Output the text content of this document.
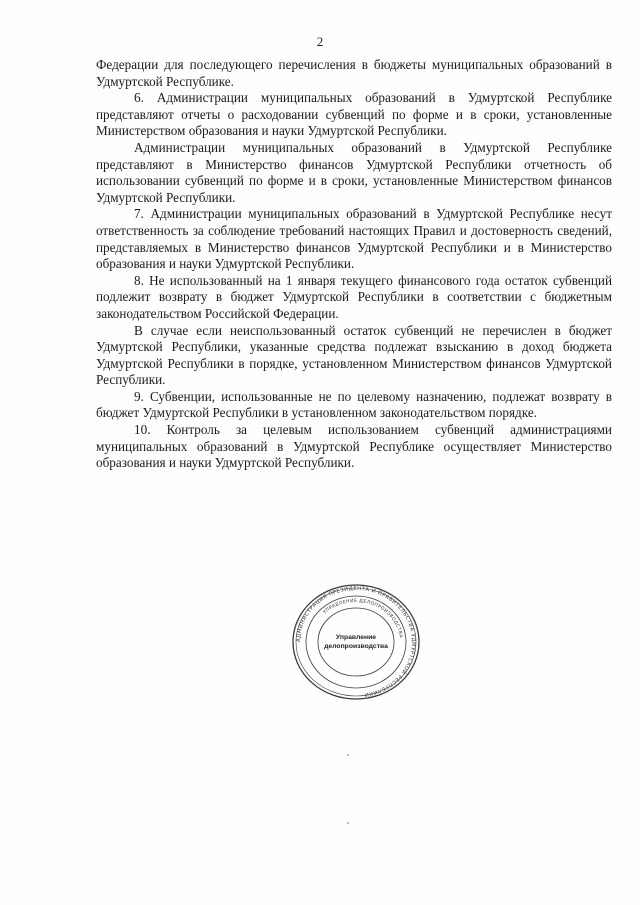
2

Федерации для последующего перечисления в бюджеты муниципальных образований в Удмуртской Республике.

6. Администрации муниципальных образований в Удмуртской Республике представляют отчеты о расходовании субвенций по форме и в сроки, установленные Министерством образования и науки Удмуртской Республики.

Администрации муниципальных образований в Удмуртской Республике представляют в Министерство финансов Удмуртской Республики отчетность об использовании субвенций по форме и в сроки, установленные Министерством финансов Удмуртской Республики.

7. Администрации муниципальных образований в Удмуртской Республике несут ответственность за соблюдение требований настоящих Правил и достоверность сведений, представляемых в Министерство финансов Удмуртской Республики и в Министерство образования и науки Удмуртской Республики.

8. Не использованный на 1 января текущего финансового года остаток субвенций подлежит возврату в бюджет Удмуртской Республики в соответствии с бюджетным законодательством Российской Федерации.

В случае если неиспользованный остаток субвенций не перечислен в бюджет Удмуртской Республики, указанные средства подлежат взысканию в доход бюджета Удмуртской Республики в порядке, установленном Министерством финансов Удмуртской Республики.

9. Субвенции, использованные не по целевому назначению, подлежат возврату в бюджет Удмуртской Республики в установленном законодательством порядке.

10. Контроль за целевым использованием субвенций администрациями муниципальных образований в Удмуртской Республике осуществляет Министерство образования и науки Удмуртской Республики.

АДМИНИСТРАЦИЯ ПРЕЗИДЕНТА И ПРАВИТЕЛЬСТВА УДМУРТСКОЙ РЕСПУБЛИКИ
УПРАВЛЕНИЕ ДЕЛОПРОИЗВОДСТВА
Управление
делопроизводства
